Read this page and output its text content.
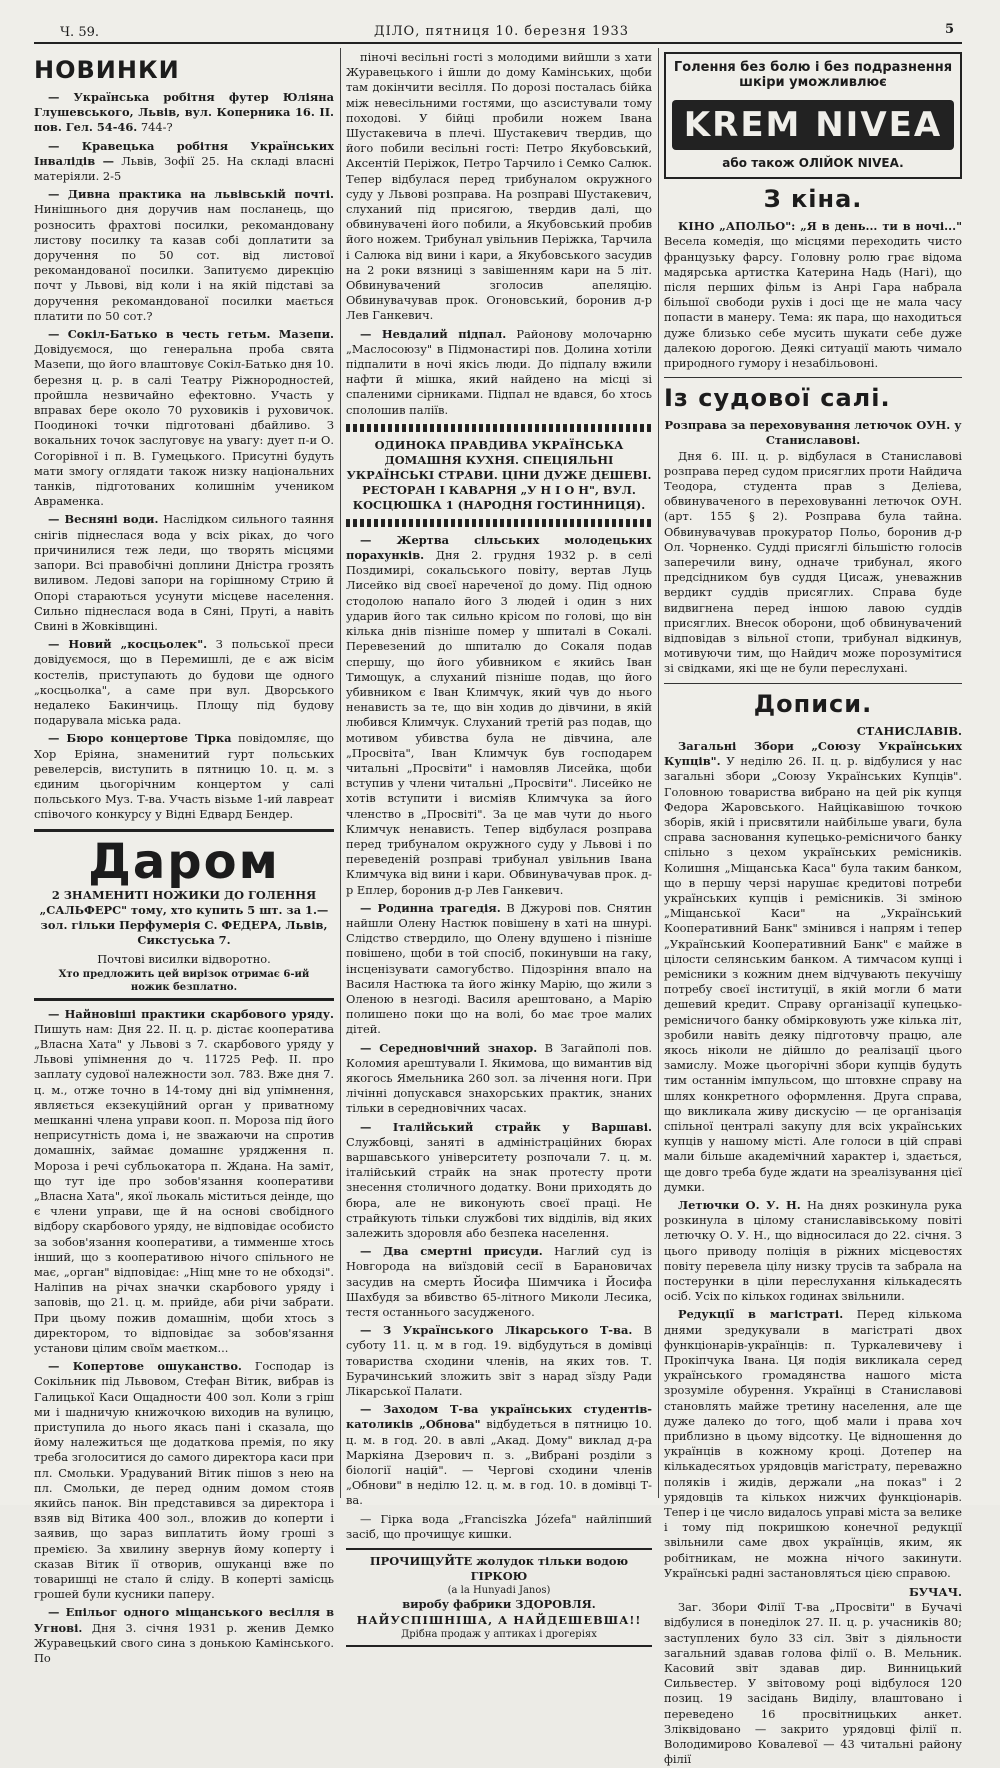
Ч. 59.	ДІЛО, пятниця 10. березня 1933	5
НОВИНКИ

— Українська робітня футер Юліяна Глушевського, Львів, вул. Коперника 16. II. пов. Гел. 54-46. 744-?

— Кравецька робітня Українських Інвалідів — Львів, Зофії 25. На складі власні матеріяли. 2-5

— Дивна практика на львівській почті. Нинішнього дня доручив нам посланець, що розносить фрахтові посилки, рекомандовану листову посилку та казав собі доплатити за доручення по 50 сот. від листової рекомандованої посилки. Запитуємо дирекцію почт у Львові, від коли і на якій підставі за доручення рекомандованої посилки мається платити по 50 сот.?

— Сокіл-Батько в честь гетьм. Мазепи. Довідуємося, що генеральна проба свята Мазепи, що його влаштовує Сокіл-Батько дня 10. березня ц. р. в салі Театру Ріжнородностей, пройшла незвичайно ефектовно. Участь у вправах бере около 70 руховиків і руховичок. Поодинокі точки підготовані дбайливо. З вокальних точок заслуговує на увагу: дует п-и О. Согорівної і п. В. Гумецького. Присутні будуть мати змогу оглядати також низку національних танків, підготованих колишнім учеником Авраменка.

— Весняні води. Наслідком сильного таяння снігів піднеслася вода у всіх ріках, до чого причинилися теж леди, що творять місцями запори. Всі правобічні доплини Дністра грозять виливом. Ледові запори на горішному Стрию й Опорі стараються усунути місцеве населення. Сильно піднеслася вода в Сяні, Пруті, а навіть Свині в Жовківщині.

— Новий „косцьолек". З польської преси довідуємося, що в Перемишлі, де є аж вісім костелів, приступають до будови ще одного „косцьолка", а саме при вул. Дворського недалеко Бакинчиць. Площу під будову подарувала міська рада.

— Бюро концертове Тірка повідомляє, що Хор Еріяна, знаменитий гурт польських ревелерсів, виступить в пятницю 10. ц. м. з єдиним цьогорічним концертом у салі польського Муз. Т-ва. Участь візьме 1-ий лавреат співочого конкурсу у Відні Едвард Бендер.

Даром
2 ЗНАМЕНИТІ НОЖИКИ ДО ГОЛЕННЯ
„САЛЬФЕРС" тому, хто купить 5 шт. за 1.— зол. гільки Перфумерія С. ФЕДЕРА, Львів, Сикстуська 7.
Почтові висилки відворотно.
Хто предложить цей вирізок отримає 6-ий ножик безплатно.

— Найновіші практики скарбового уряду. Пишуть нам: Дня 22. II. ц. р. дістає кооператива „Власна Хата" у Львові з 7. скарбового уряду у Львові упімнення до ч. 11725 Реф. II. про заплату судової належности зол. 783. Вже дня 7. ц. м., отже точно в 14-тому дні від упімнення, являється екзекуційний орган у приватному мешканні члена управи кооп. п. Мороза під його неприсутність дома і, не зважаючи на спротив домашніх, займає домашнє урядження п. Мороза і речі субльокатора п. Ждана. На заміт, що тут іде про зобов'язання кооперативи „Власна Хата", якої льокаль міститься деінде, що є члени управи, ще й на основі свобідного відбору скарбового уряду, не відповідає особисто за зобов'язання кооперативи, а тимменше хтось інший, що з кооперативою нічого спільного не має, „орган" відповідає: „Ніщ мне то не обходзі". Наліпив на річах значки скарбового уряду і заповів, що 21. ц. м. прийде, аби річи забрати. При цьому пожив домашнім, щоби хтось з директором, то відповідає за зобов'язання установи цілим своїм маєтком...

— Копертове ошуканство. Господар із Сокільник під Львовом, Стефан Вітик, вибрав із Галицької Каси Ощадности 400 зол. Коли з гріш ми і шадничую книжочкою виходив на вулицю, приступила до нього якась пані і сказала, що йому належиться ще додаткова премія, по яку треба зголоситися до самого директора каси при пл. Смольки. Урадуваний Вітик пішов з нею на пл. Смольки, де перед одним домом стояв якийсь панок. Він представився за директора і взяв від Вітика 400 зол., вложив до коперти і заявив, що зараз виплатить йому гроші з премією. За хвилину звернув йому коперту і сказав Вітик її отворив, ошуканці вже по товаришці не стало й сліду. В коперті замісць грошей були кусники паперу.

— Епільог одного міщанського весілля в Угнові. Дня 3. січня 1931 р. женив Демко Журавецький свого сина з донькою Камінського. По

піночі весільні гості з молодими вийшли з хати Журавецького і йшли до дому Камінських, щоби там докінчити весілля. По дорозі посталась бійка між невесільними гостями, що азсистували тому походові. У бійці пробили ножем Івана Шустакевича в плечі. Шустакевич твердив, що його побили весільні гості: Петро Якубовський, Аксентій Періжок, Петро Тарчило і Семко Салюк. Тепер відбулася перед трибуналом окружного суду у Львові розправа. На розправі Шустакевич, слуханий під присягою, твердив далі, що обвинувачені його побили, а Якубовський пробив його ножем. Трибунал увільнив Періжка, Тарчила і Салюка від вини і кари, а Якубовського засудив на 2 роки вязниці з завішенням кари на 5 літ. Обвинувачений зголосив апеляцію. Обвинувачував прок. Огоновський, боронив д-р Лев Ганкевич.

— Невдалий підпал. Районову молочарню „Маслосоюзу" в Підмонастирі пов. Долина хотіли підпалити в ночі якісь люди. До підпалу вжили нафти й мішка, який найдено на місці зі спаленими сірниками. Підпал не вдався, бо хтось сполошив паліїв.

ОДИНОКА ПРАВДИВА УКРАЇНСЬКА ДОМАШНЯ КУХНЯ. СПЕЦІЯЛЬНІ УКРАЇНСЬКІ СТРАВИ. ЦІНИ ДУЖЕ ДЕШЕВІ. РЕСТОРАН І КАВАРНЯ „У Н І О Н", ВУЛ. КОСЦЮШКА 1 (НАРОДНЯ ГОСТИННИЦЯ).

— Жертва сільських молодецьких порахунків. Дня 2. грудня 1932 р. в селі Поздимирі, сокальського повіту, вертав Луць Лисейко від своєї нареченої до дому. Під одною стодолою напало його 3 людей і один з них ударив його так сильно крісом по голові, що він кілька днів пізніше помер у шпиталі в Сокалі. Перевезений до шпиталю до Сокаля подав спершу, що його убивником є якийсь Іван Тимощук, а слуханий пізніше подав, що його убивником є Іван Климчук, який чув до нього ненависть за те, що він ходив до дівчини, в якій любився Климчук. Слуханий третій раз подав, що мотивом убивства була не дівчина, але „Просвіта", Іван Климчук був господарем читальні „Просвіти" і намовляв Лисейка, щоби вступив у члени читальні „Просвіти". Лисейко не хотів вступити і висміяв Климчука за його членство в „Просвіті". За це мав чути до нього Климчук ненависть. Тепер відбулася розправа перед трибуналом окружного суду у Львові і по переведеній розправі трибунал увільнив Івана Климчука від вини і кари. Обвинувачував прок. д-р Еплер, боронив д-р Лев Ганкевич.

— Родинна трагедія. В Джурові пов. Снятин найшли Олену Настюк повішену в хаті на шнурі. Слідство ствердило, що Олену вдушено і пізніше повішено, щоби в той спосіб, покинувши на гаку, інсценізувати самогубство. Підозріння впало на Василя Настюка та його жінку Марію, що жили з Оленою в незгоді. Василя арештовано, а Марію полишено поки що на волі, бо має трое малих дітей.

— Середновічний знахор. В Загайполі пов. Коломия арештували І. Якимова, що вимантив від якогось Ямельника 260 зол. за лічення ноги. При лічінні допускався знахорських практик, знаних тільки в середновічних часах.

— Італійський страйк у Варшаві. Службовці, заняті в адміністраційних бюрах варшавського університету розпочали 7. ц. м. італійський страйк на знак протесту проти знесення столичного додатку. Вони приходять до бюра, але не виконують своєї праці. Не страйкують тільки службові тих відділів, від яких залежить здоровля або безпека населення.

— Два смертні присуди. Наглий суд із Новгорода на виїздовій сесії в Барановичах засудив на смерть Йосифа Шимчика і Йосифа Шахбудя за вбивство 65-літного Миколи Лесика, тестя останнього засудженого.

— З Українського Лікарського Т-ва. В суботу 11. ц. м в год. 19. відбудуться в домівці товариства сходини членів, на яких тов. Т. Бурачинський зложить звіт з нарад зїзду Ради Лікарської Палати.

— Заходом Т-ва українських студентів-католиків „Обнова" відбудеться в пятницю 10. ц. м. в год. 20. в авлі „Акад. Дому" виклад д-ра Маркіяна Дзерович п. з. „Вибрані розділи з біології націй". — Чергові сходини членів „Обнови" в неділю 12. ц. м. в год. 10. в домівці Т-ва.

— Гірка вода „Franciszka Józefa" найліпший засіб, що прочищує кишки.

ПРОЧИЩУЙТЕ жолудок тільки водою ГІРКОЮ
(a la Hunyadi Janos)
виробу фабрики ЗДОРОВЛЯ.
НАЙУСПІШНІША, А НАЙДЕШЕВША!!
Дрібна продаж у аптиках і дрогеріях
Голення без болю і без подразнення шкіри уможливлює
KREM NIVEA
або також ОЛІЙОК NIVEA.
З кіна.

КІНО „АПОЛЬО": „Я в день... ти в ночі..." Весела комедія, що місцями переходить чисто французьку фарсу. Головну ролю грає відома мадярська артистка Катерина Надь (Нагі), що після перших фільм із Анрі Гара набрала більшої свободи рухів і досі ще не мала часу попасти в манеру. Тема: як пара, що находиться дуже близько себе мусить шукати себе дуже далекою дорогою. Деякі ситуації мають чимало природного гумору і незабільовоні.

Із судової салі.
Розправа за переховування летючок ОУН. у Станиславові.

Дня 6. III. ц. р. відбулася в Станиславові розправа перед судом присяглих проти Найдича Теодора, студента прав з Деліева, обвинуваченого в переховуванні летючок ОУН. (арт. 155 § 2). Розправа була тайна. Обвинувачував прокуратор Польо, боронив д-р Ол. Чорненко. Судді присяглі більшістю голосів заперечили вину, одначе трибунал, якого предсідником був суддя Цисаж, уневажнив вердикт суддів присяглих. Справа буде видвигнена перед іншою лавою суддів присяглих. Внесок оборони, щоб обвинувачений відповідав з вільної стопи, трибунал відкинув, мотивуючи тим, що Найдич може порозумітися зі свідками, які ще не були переслухані.

Дописи.
СТАНИСЛАВІВ.

Загальні Збори „Союзу Українських Купців". У неділю 26. II. ц. р. відбулися у нас загальні збори „Союзу Українських Купців". Головною товариства вибрано на цей рік купця Федора Жаровського. Найцікавішою точкою зборів, якій і присвятили найбільше уваги, була справа засновання купецько-ремісничого банку спільно з цехом українських ремісників. Колишня „Міщанська Каса" була таким банком, що в першу черзі нарушає кредитові потреби українських купців і ремісників. Зі зміною „Міщанської Каси" на „Український Кооперативний Банк" змінився і напрям і тепер „Український Кооперативний Банк" є майже в цілости селянським банком. А тимчасом купці і ремісники з кожним днем відчувають пекучішу потребу своєї інституції, в якій могли б мати дешевий кредит. Справу організації купецько-ремісничого банку обмірковують уже кілька літ, зробили навіть деяку підготовчу працю, але якось ніколи не дійшло до реалізації цього замислу. Може цьогорічні збори купців будуть тим останнім імпульсом, що штовхне справу на шлях конкретного оформлення. Друга справа, що викликала живу дискусію — це організація спільної централі закупу для всіх українських купців у нашому місті. Але голоси в цій справі мали більше академічний характер і, здається, ще довго треба буде ждати на зреалізування цієї думки.

Летючки О. У. Н. На днях розкинула рука розкинула в цілому станиславівському повіті летючку О. У. Н., що відносилася до 22. січня. З цього приводу поліція в ріжних місцевостях повіту перевела цілу низку трусів та забрала на постерунки в ціли переслухання кількадесять осіб. Усіх по кількох годинах звільнили.

Редукції в магістраті. Перед кількома днями зредукували в магістраті двох функціонарів-українців: п. Туркалевичеву і Прокіпчука Івана. Ця подія викликала серед українського громадянства нашого міста зрозуміле обурення. Українці в Станиславові становлять майже третину населення, але ще дуже далеко до того, щоб мали і права хоч приблизно в цьому відсотку. Це відношення до українців в кожному кроці. Дотепер на кількадесятьох урядовців магістрату, переважно поляків і жидів, держали „на показ" і 2 урядовців та кількох нижчих функціонарів. Тепер і це число видалось управі міста за велике і тому під покришкою конечної редукції звільнили саме двох українців, яким, як робітникам, не можна нічого закинути. Українські радні застановляться цією справою.

БУЧАЧ.

Заг. Збори Філії Т-ва „Просвіти" в Бучачі відбулися в понеділок 27. II. ц. р. учасників 80; заступлених було 33 сіл. Звіт з діяльности загальний здавав голова філії о. В. Мельник. Касовий звіт здавав дир. Винницький Сильвестер. У звітовому році відбулося 120 позиц. 19 засідань Виділу, влаштовано і переведено 16 просвітницьких анкет. Зліквідовано — закрито урядовці філії п. Володимирово Ковалевої — 43 читальні району філії
